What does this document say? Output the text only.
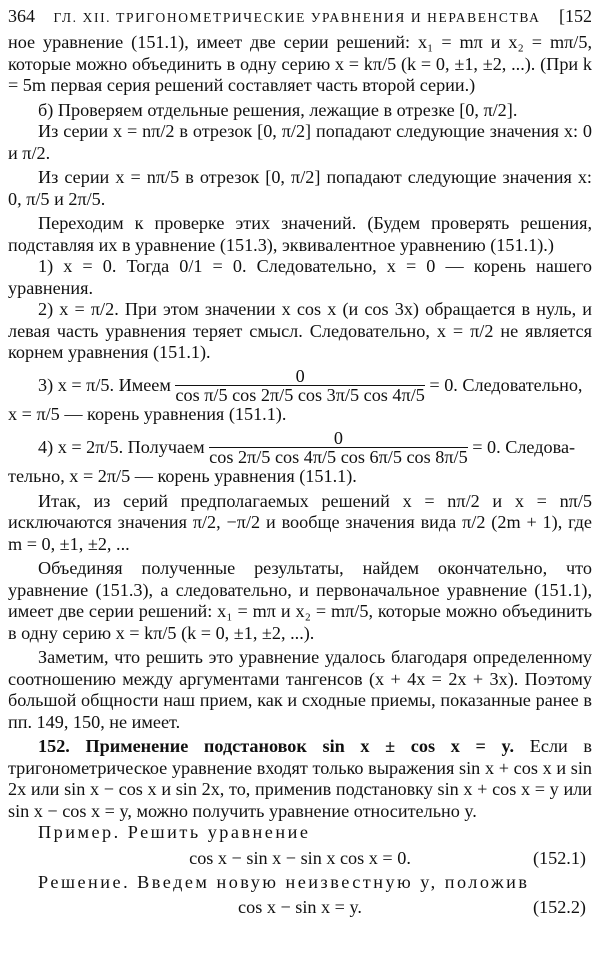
364 ГЛ. XII. ТРИГОНОМЕТРИЧЕСКИЕ УРАВНЕНИЯ И НЕРАВЕНСТВА [152

ное уравнение (151.1), имеет две серии решений: x₁ = mπ и x₂ = mπ/5, которые можно объединить в одну серию x = kπ/5 (k = 0, ±1, ±2, ...). (При k = 5m первая серия решений составляет часть второй серии.)

б) Проверяем отдельные решения, лежащие в отрезке [0, π/2].

Из серии x = nπ/2 в отрезок [0, π/2] попадают следующие значения x: 0 и π/2.

Из серии x = nπ/5 в отрезок [0, π/2] попадают следующие значения x: 0, π/5 и 2π/5.

Переходим к проверке этих значений. (Будем проверять решения, подставляя их в уравнение (151.3), эквивалентное уравнению (151.1).)

1) x = 0. Тогда 0/1 = 0. Следовательно, x = 0 — корень нашего уравнения.

2) x = π/2. При этом значении x cos x (и cos 3x) обращается в нуль, и левая часть уравнения теряет смысл. Следовательно, x = π/2 не является корнем уравнения (151.1).

3) x = π/5. Имеем
$\frac{0}{\text{cos π/5 cos 2π/5 cos 3π/5 cos 4π/5}}$
= 0. Следовательно,

x = π/5 — корень уравнения (151.1).

4) x = 2π/5. Получаем
$\frac{0}{\cos 2\pi/5 \cos 4\pi/5 \cos 6\pi/5 \cos 8\pi/5}$
= 0. Следова-

тельно, x = 2π/5 — корень уравнения (151.1).

Итак, из серий предполагаемых решений x = nπ/2 и x = nπ/5 исключаются значения π/2, −π/2 и вообще значения вида π/2 (2m + 1), где m = 0, ±1, ±2, ...

Объединяя полученные результаты, найдем окончательно, что уравнение (151.3), а следовательно, и первоначальное уравнение (151.1), имеет две серии решений: x₁ = mπ и x₂ = mπ/5, которые можно объединить в одну серию x = kπ/5 (k = 0, ±1, ±2, ...).

Заметим, что решить это уравнение удалось благодаря определенному соотношению между аргументами тангенсов (x + 4x = 2x + 3x). Поэтому большой общности наш прием, как и сходные приемы, показанные ранее в пп. 149, 150, не имеет.

152. Применение подстановок sin x ± cos x = y. Если в тригонометрическое уравнение входят только выражения sin x + cos x и sin 2x или sin x − cos x и sin 2x, то, применив подстановку sin x + cos x = y или sin x − cos x = y, можно получить уравнение относительно y.

Пример. Решить уравнение

cos x − sin x − sin x cos x = 0.	(152.1)

Решение. Введем новую неизвестную y, положив

cos x − sin x = y.	(152.2)
